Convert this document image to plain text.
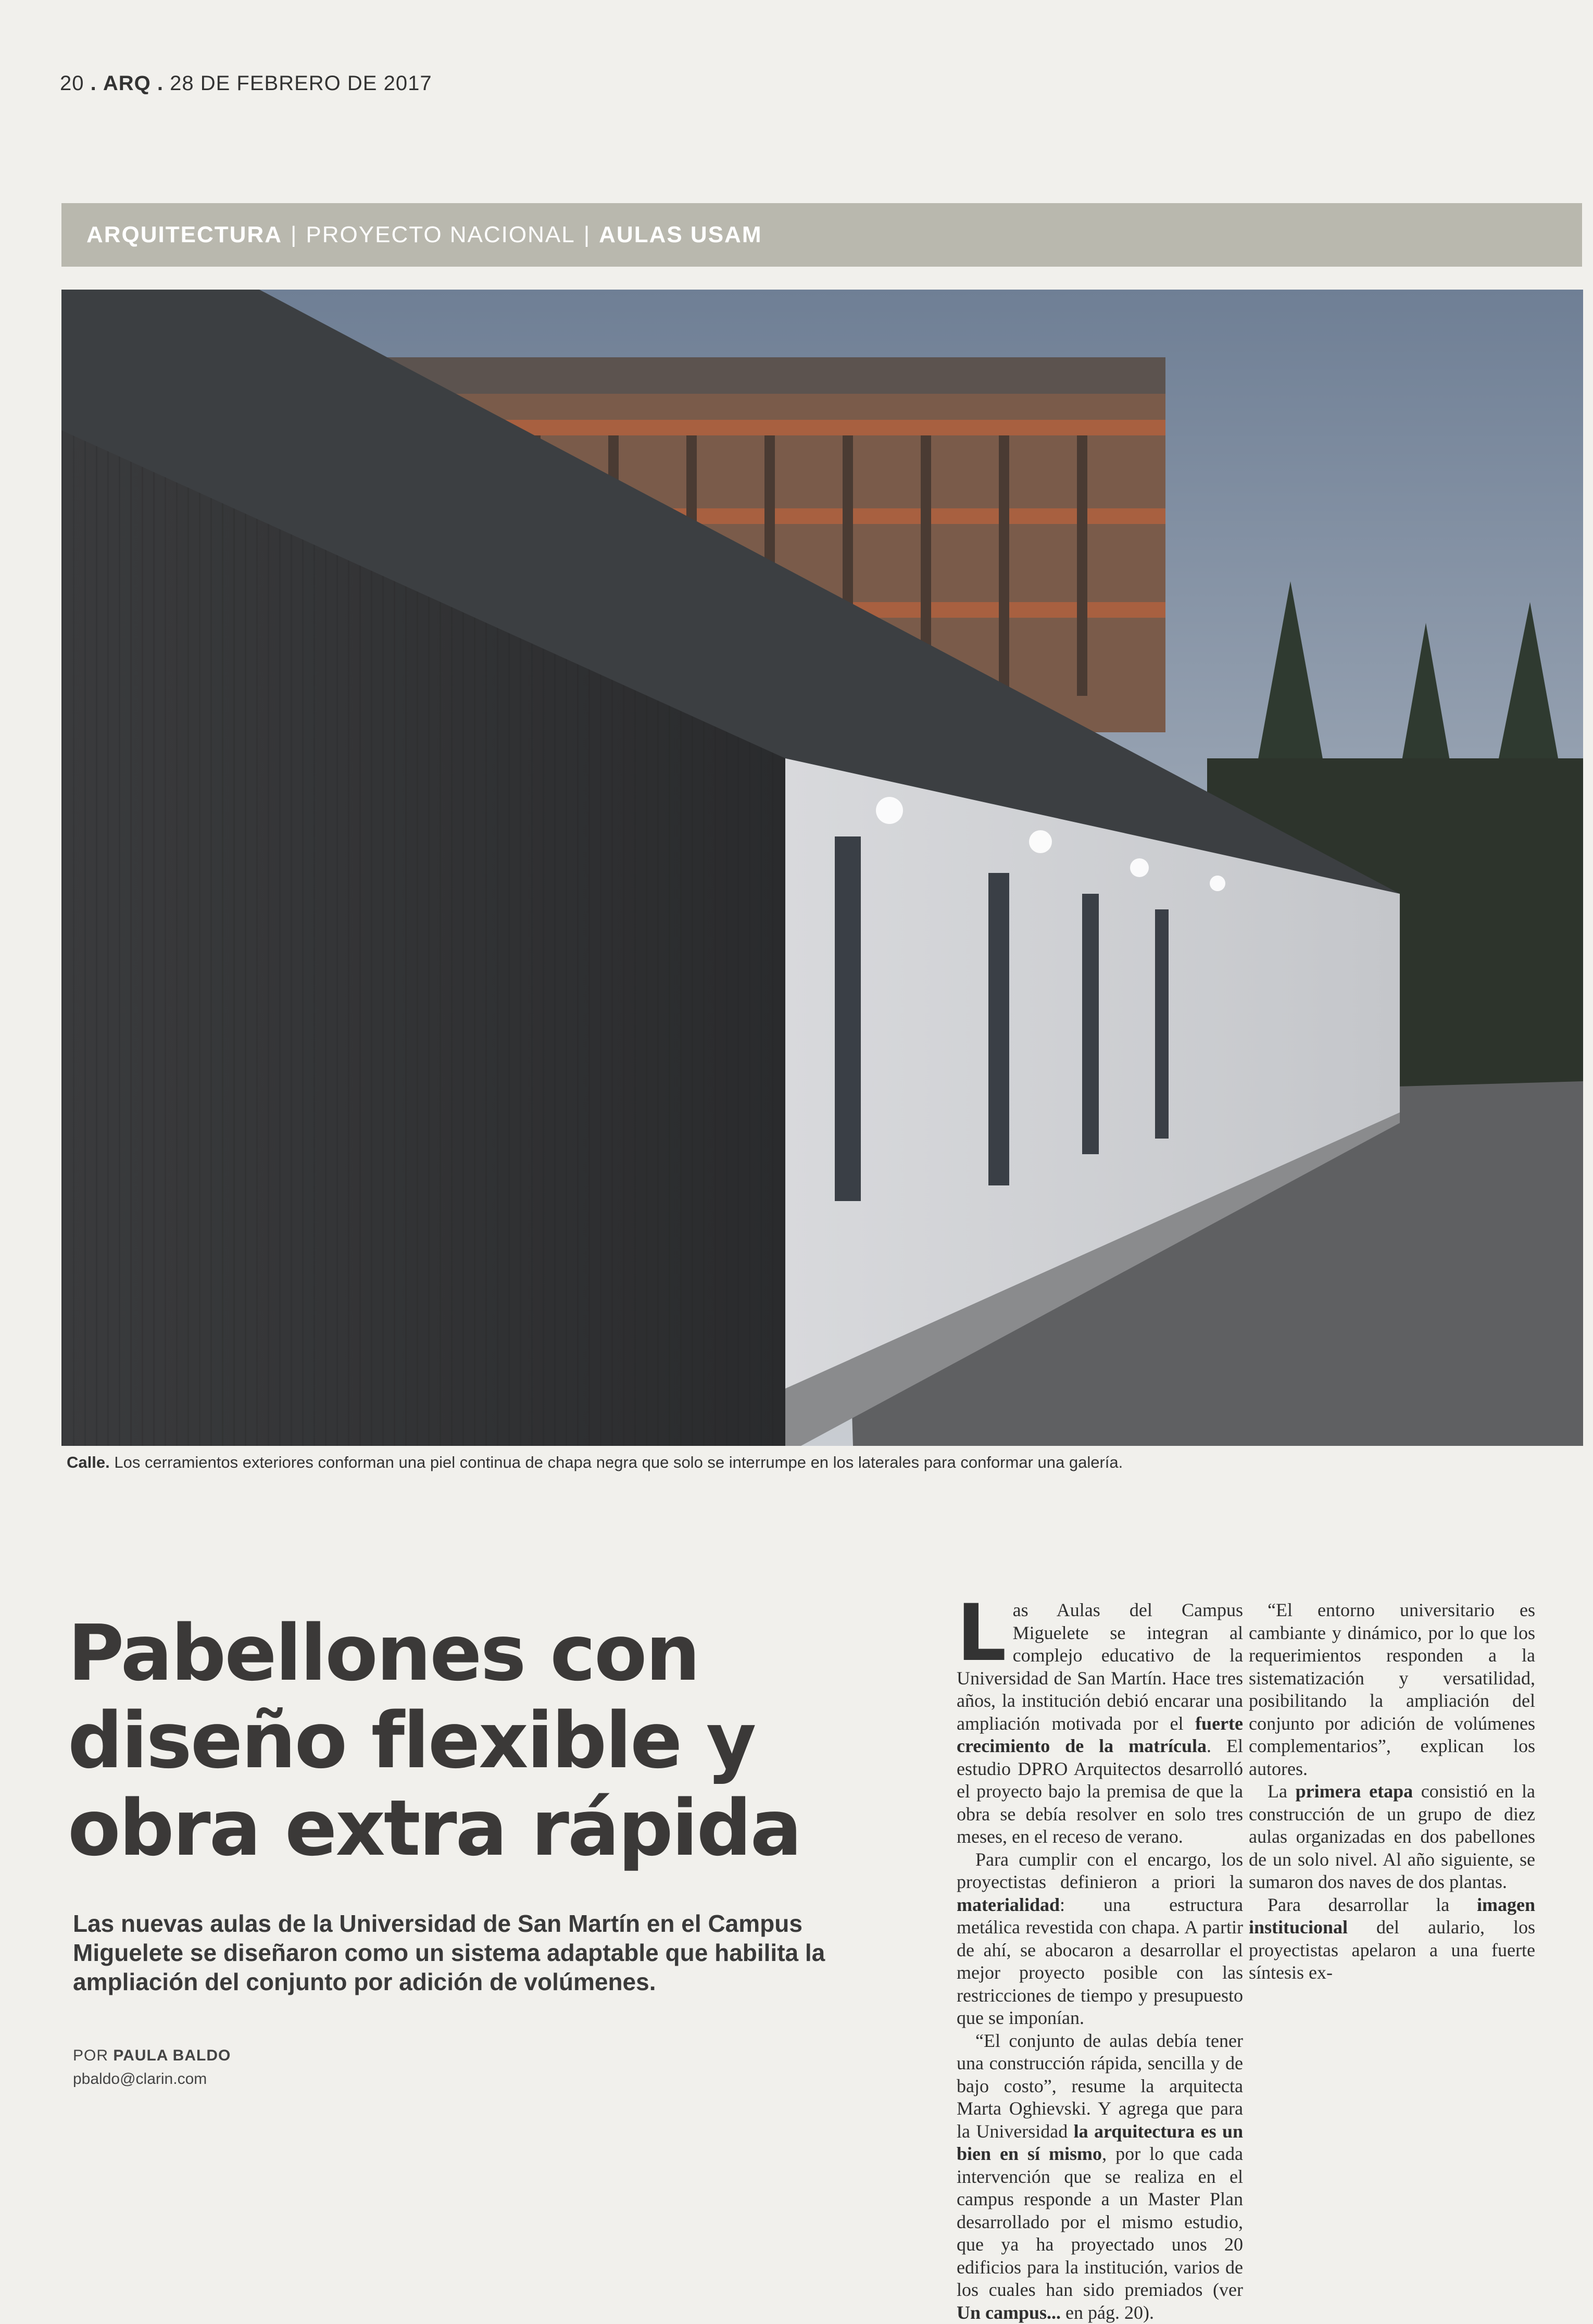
20 . ARQ . 28 DE FEBRERO DE 2017
ARQUITECTURA | PROYECTO NACIONAL | AULAS USAM
Calle. Los cerramientos exteriores conforman una piel continua de chapa negra que solo se interrumpe en los laterales para conformar una galería.
Pabellones con diseño flexible y obra extra rápida
Las nuevas aulas de la Universidad de San Martín en el Campus Miguelete se diseñaron como un sistema adaptable que habilita la ampliación del conjunto por adición de volúmenes.
POR PAULA BALDO
pbaldo@clarin.com

Las Aulas del Campus Miguelete se integran al complejo educativo de la Universidad de San Martín. Hace tres años, la institución debió encarar una ampliación motivada por el fuerte crecimiento de la matrícula. El estudio DPRO Arquitectos desarrolló el proyecto bajo la premisa de que la obra se debía resolver en solo tres meses, en el receso de verano.

Para cumplir con el encargo, los proyectistas definieron a priori la materialidad: una estructura metálica revestida con chapa. A partir de ahí, se abocaron a desarrollar el mejor proyecto posible con las restricciones de tiempo y presupuesto que se imponían.

“El conjunto de aulas debía tener una construcción rápida, sencilla y de bajo costo”, resume la arquitecta Marta Oghievski. Y agrega que para la Universidad la arquitectura es un bien en sí mismo, por lo que cada intervención que se realiza en el campus responde a un Master Plan desarrollado por el mismo estudio, que ya ha proyectado unos 20 edificios para la institución, varios de los cuales han sido premiados (ver Un campus... en pág. 20).

“El entorno universitario es cambiante y dinámico, por lo que los requerimientos responden a la sistematización y versatilidad, posibilitando la ampliación del conjunto por adición de volúmenes complementarios”, explican los autores.

La primera etapa consistió en la construcción de un grupo de diez aulas organizadas en dos pabellones de un solo nivel. Al año siguiente, se sumaron dos naves de dos plantas.

Para desarrollar la imagen institucional del aulario, los proyectistas apelaron a una fuerte síntesis ex-
